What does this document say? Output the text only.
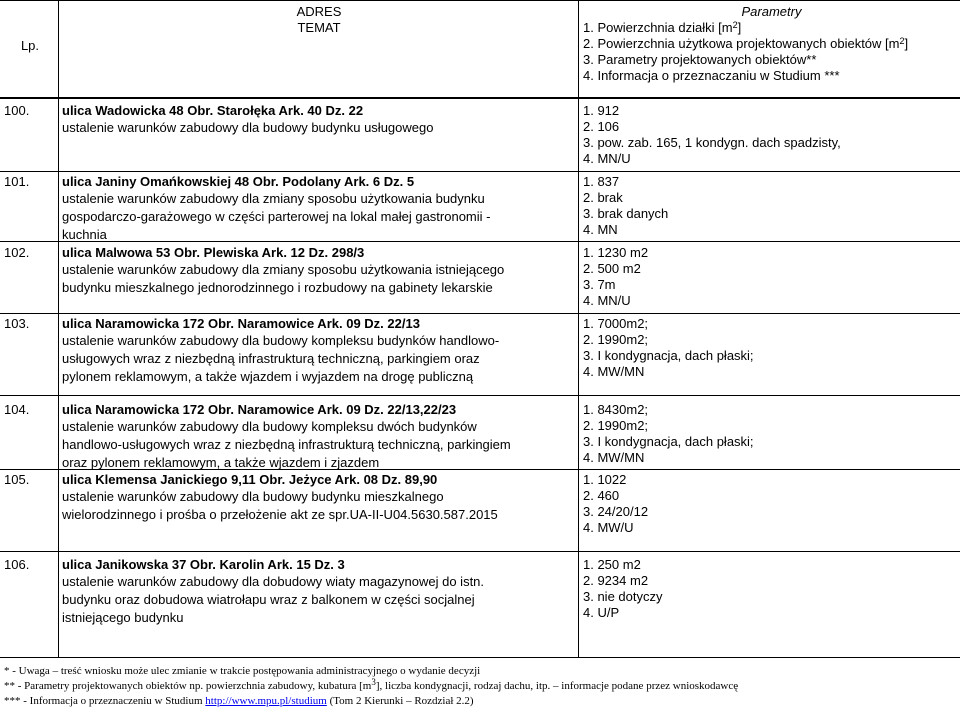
Lp.
ADRES
TEMAT
Parametry
1. Powierzchnia działki $[m^2]$
2. Powierzchnia użytkowa projektowanych obiektów $[m^2]$
3. Parametry projektowanych obiektów**
4. Informacja o przeznaczaniu w Studium ***
100.	ulica Wadowicka 48 Obr. Starołęka Ark. 40 Dz. 22
ustalenie warunków zabudowy dla budowy budynku usługowego
1. 912
2. 106
3. pow. zab. 165, 1 kondygn. dach spadzisty,
4. MN/U
101.	ulica Janiny Omańkowskiej 48 Obr. Podolany Ark. 6 Dz. 5
ustalenie warunków zabudowy dla zmiany sposobu użytkowania budynku
gospodarczo-garażowego w części parterowej na lokal małej gastronomii -
kuchnia
1. 837
2. brak
3. brak danych
4. MN
102.	ulica Malwowa 53 Obr. Plewiska Ark. 12 Dz. 298/3
ustalenie warunków zabudowy dla zmiany sposobu użytkowania istniejącego
budynku mieszkalnego jednorodzinnego i rozbudowy na gabinety lekarskie
1. 1230 m2
2. 500 m2
3. 7m
4. MN/U
103.	ulica Naramowicka 172 Obr. Naramowice Ark. 09 Dz. 22/13
ustalenie warunków zabudowy dla budowy kompleksu budynków handlowo-
usługowych wraz z niezbędną infrastrukturą techniczną, parkingiem oraz
pylonem reklamowym, a także wjazdem i wyjazdem na drogę publiczną
1. 7000m2;
2. 1990m2;
3. I kondygnacja, dach płaski;
4. MW/MN
104.	ulica Naramowicka 172 Obr. Naramowice Ark. 09 Dz. 22/13,22/23
ustalenie warunków zabudowy dla budowy kompleksu dwóch budynków
handlowo-usługowych wraz z niezbędną infrastrukturą techniczną, parkingiem
oraz pylonem reklamowym, a także wjazdem i zjazdem
1. 8430m2;
2. 1990m2;
3. I kondygnacja, dach płaski;
4. MW/MN
105.	ulica Klemensa Janickiego 9,11 Obr. Jeżyce Ark. 08 Dz. 89,90
ustalenie warunków zabudowy dla budowy budynku mieszkalnego
wielorodzinnego i prośba o przełożenie akt ze spr.UA-II-U04.5630.587.2015
1. 1022
2. 460
3. 24/20/12
4. MW/U
106.	ulica Janikowska 37 Obr. Karolin Ark. 15 Dz. 3
ustalenie warunków zabudowy dla dobudowy wiaty magazynowej do istn.
budynku oraz dobudowa wiatrołapu wraz z balkonem w części socjalnej
istniejącego budynku
1. 250 m2
2. 9234 m2
3. nie dotyczy
4. U/P
* - Uwaga – treść wniosku może ulec zmianie w trakcie postępowania administracyjnego o wydanie decyzji
** - Parametry projektowanych obiektów np. powierzchnia zabudowy, kubatura $[m^3]$, liczba kondygnacji, rodzaj dachu, itp. – informacje podane przez wnioskodawcę
*** - Informacja o przeznaczeniu w Studium http://www.mpu.pl/studium (Tom 2 Kierunki – Rozdział 2.2)
